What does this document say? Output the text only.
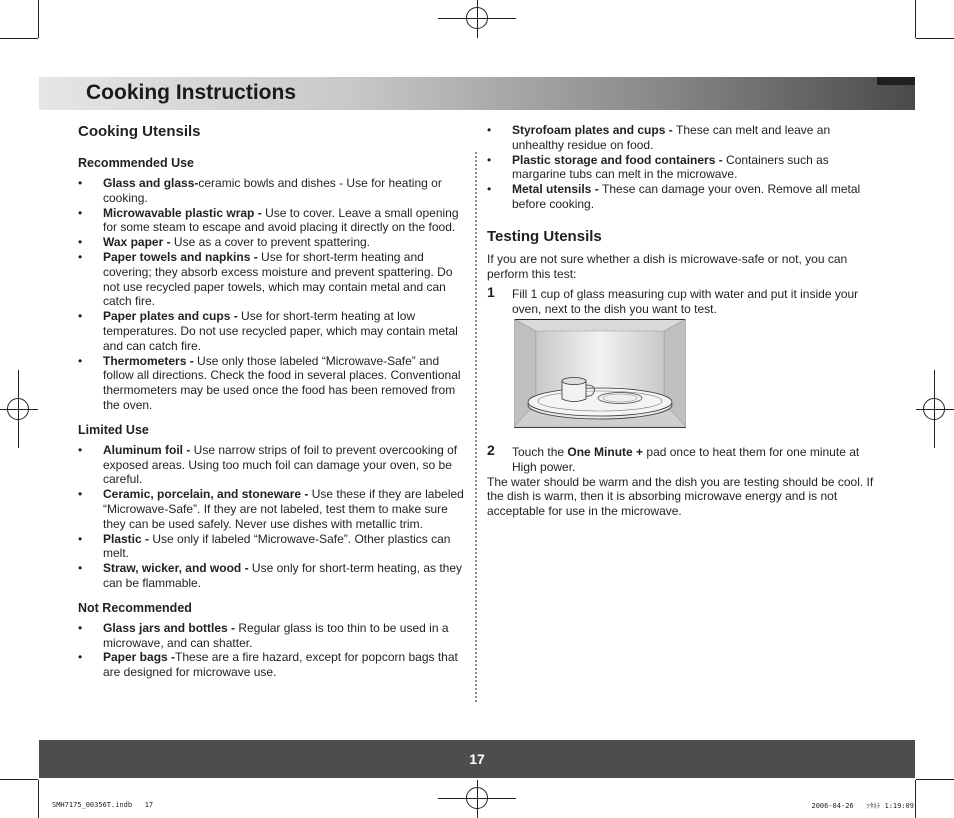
Cooking Instructions
Cooking Utensils
Recommended Use
• Glass and glass-ceramic bowls and dishes - Use for heating or cooking.
• Microwavable plastic wrap - Use to cover. Leave a small opening for some steam to escape and avoid placing it directly on the food.
• Wax paper - Use as a cover to prevent spattering.
• Paper towels and napkins - Use for short-term heating and covering; they absorb excess moisture and prevent spattering. Do not use recycled paper towels, which may contain metal and can catch fire.
• Paper plates and cups - Use for short-term heating at low temperatures. Do not use recycled paper, which may contain metal and can catch fire.
• Thermometers - Use only those labeled “Microwave-Safe” and follow all directions. Check the food in several places. Conventional thermometers may be used once the food has been removed from the oven.
Limited Use
• Aluminum foil - Use narrow strips of foil to prevent overcooking of exposed areas. Using too much foil can damage your oven, so be careful.
• Ceramic, porcelain, and stoneware - Use these if they are labeled “Microwave-Safe”. If they are not labeled, test them to make sure they can be used safely. Never use dishes with metallic trim.
• Plastic - Use only if labeled “Microwave-Safe”. Other plastics can melt.
• Straw, wicker, and wood - Use only for short-term heating, as they can be flammable.
Not Recommended
• Glass jars and bottles - Regular glass is too thin to be used in a microwave, and can shatter.
• Paper bags -These are a fire hazard, except for popcorn bags that are designed for microwave use.
• Styrofoam plates and cups - These can melt and leave an unhealthy residue on food.
• Plastic storage and food containers - Containers such as margarine tubs can melt in the microwave.
• Metal utensils - These can damage your oven. Remove all metal before cooking.
Testing Utensils

If you are not sure whether a dish is microwave-safe or not, you can perform this test:

1 Fill 1 cup of glass measuring cup with water and put it inside your oven, next to the dish you want to test.
2 Touch the One Minute + pad once to heat them for one minute at High power.

The water should be warm and the dish you are testing should be cool. If the dish is warm, then it is absorbing microwave energy and is not acceptable for use in the microwave.

17
SMH7175_00356T.indb   17	2006-04-26   ｿﾀﾈﾄ 1:19:09
